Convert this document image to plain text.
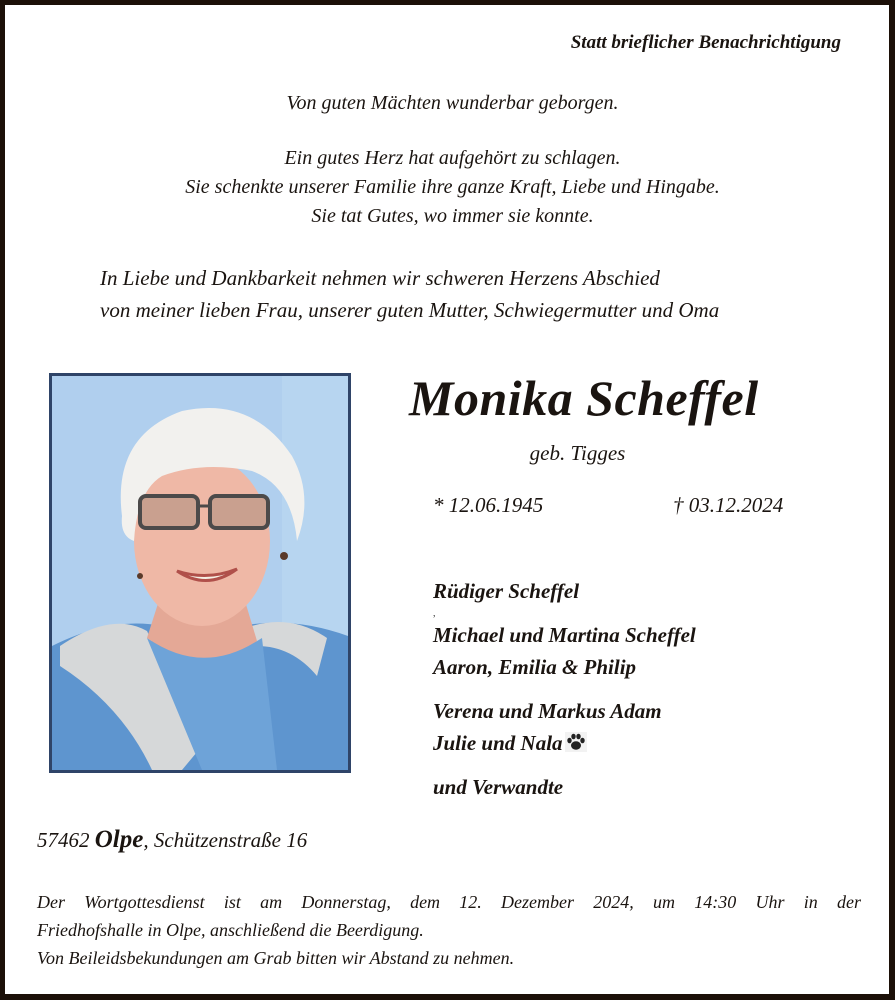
Statt brieflicher Benachrichtigung
Von guten Mächten wunderbar geborgen.
Ein gutes Herz hat aufgehört zu schlagen.
Sie schenkte unserer Familie ihre ganze Kraft, Liebe und Hingabe.
Sie tat Gutes, wo immer sie konnte.
In Liebe und Dankbarkeit nehmen wir schweren Herzens Abschied
von meiner lieben Frau, unserer guten Mutter, Schwiegermutter und Oma
Monika Scheffel
geb. Tigges
* 12.06.1945	† 03.12.2024
Rüdiger Scheffel
,
Michael und Martina Scheffel
Aaron, Emilia & Philip
Verena und Markus Adam
Julie und Nala
und Verwandte
57462 Olpe, Schützenstraße 16
Der Wortgottesdienst ist am Donnerstag, dem 12. Dezember 2024, um 14:30 Uhr in der
Friedhofshalle in Olpe, anschließend die Beerdigung.
Von Beileidsbekundungen am Grab bitten wir Abstand zu nehmen.
